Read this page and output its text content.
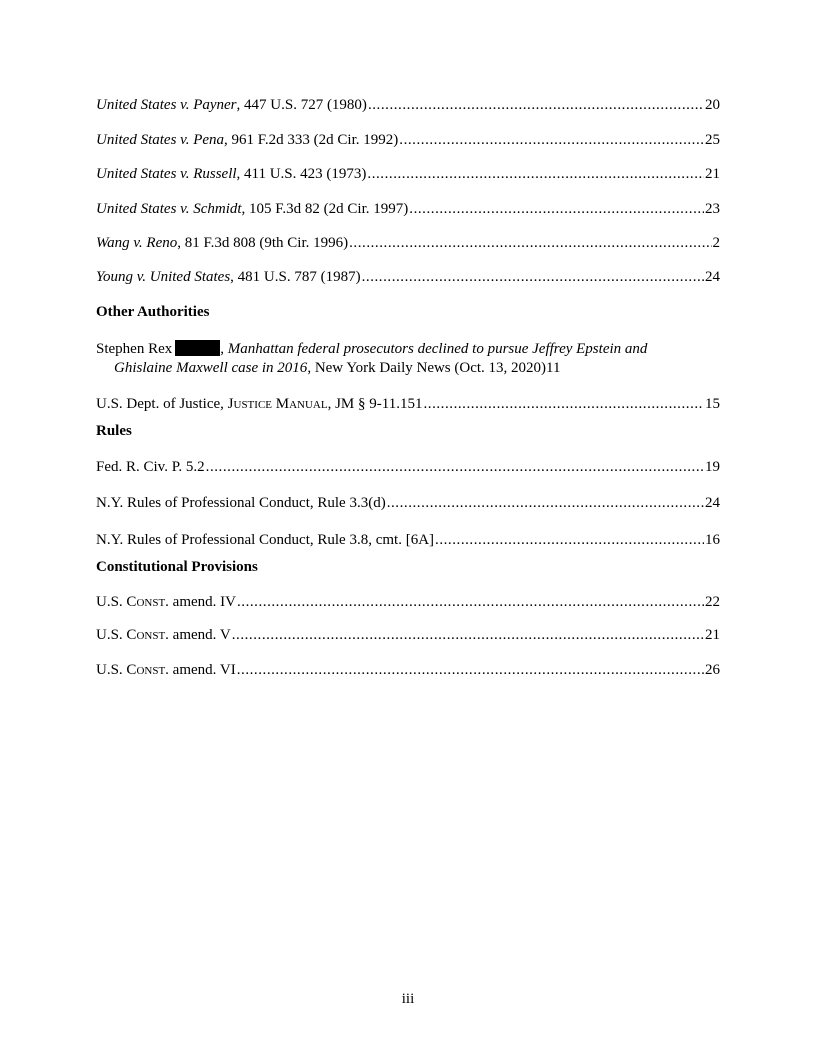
United States v. Payner, 447 U.S. 727 (1980) . . .	20
United States v. Pena, 961 F.2d 333 (2d Cir. 1992) . . .	25
United States v. Russell, 411 U.S. 423 (1973) . . .	21
United States v. Schmidt, 105 F.3d 82 (2d Cir. 1997) . . .	23
Wang v. Reno, 81 F.3d 808 (9th Cir. 1996) . . .	2
Young v. United States, 481 U.S. 787 (1987) . . .	24
Other Authorities
Stephen Rex	, Manhattan federal prosecutors declined to pursue Jeffrey Epstein and
Ghislaine Maxwell case in 2016, New York Daily News (Oct. 13, 2020) 11
U.S. Dept. of Justice, JUSTICE MANUAL, JM § 9-11.151 . . .	15
Rules
Fed. R. Civ. P. 5.2 . . .	19
N.Y. Rules of Professional Conduct, Rule 3.3(d) . . .	24
N.Y. Rules of Professional Conduct, Rule 3.8, cmt. [6A] . . .	16
Constitutional Provisions
U.S. CONST. amend. IV . . .	22
U.S. CONST. amend. V . . .	21
U.S. CONST. amend. VI . . .	26
iii
